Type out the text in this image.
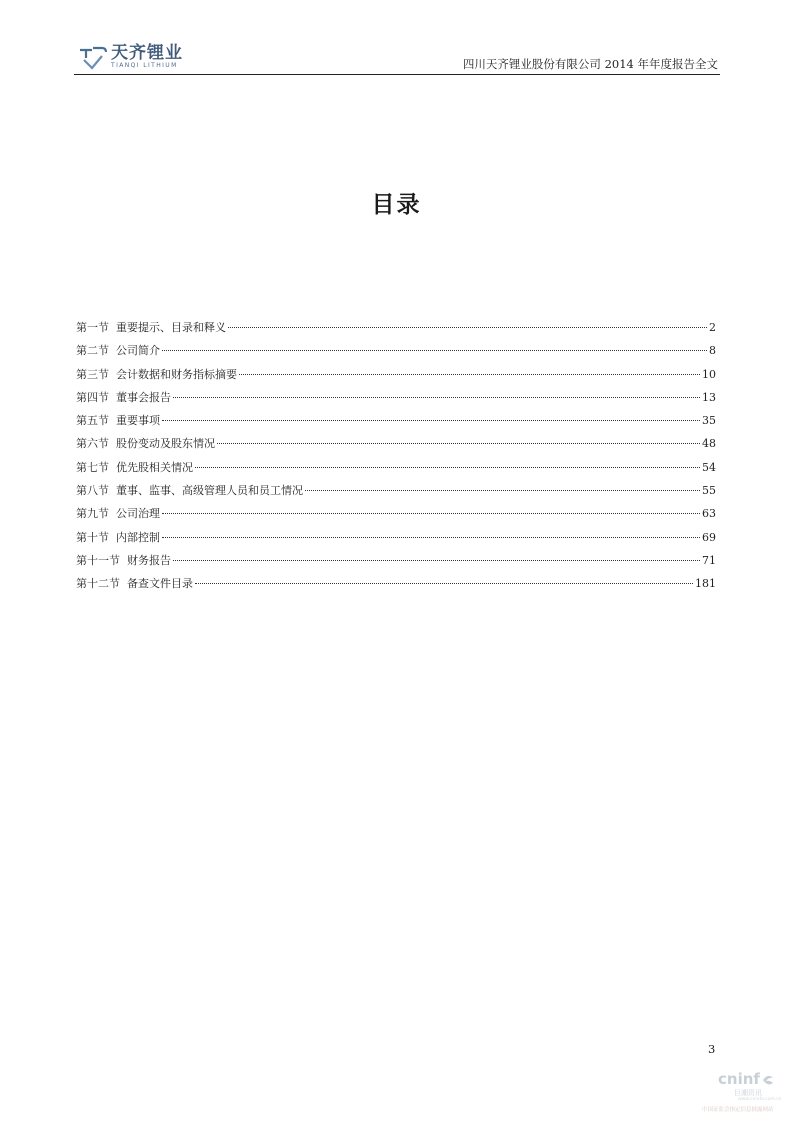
天齐锂业
TIANQI LITHIUM	四川天齐锂业股份有限公司 2014 年年度报告全文
目录
第一节  重要提示、目录和释义	2
第二节  公司简介	8
第三节  会计数据和财务指标摘要	10
第四节  董事会报告	13
第五节  重要事项	35
第六节  股份变动及股东情况	48
第七节  优先股相关情况	54
第八节  董事、监事、高级管理人员和员工情况	55
第九节  公司治理	63
第十节  内部控制	69
第十一节  财务报告	71
第十二节  备查文件目录	181
3
cninf
巨潮资讯
www.cninfo.com.cn
中国证监会指定信息披露网站
